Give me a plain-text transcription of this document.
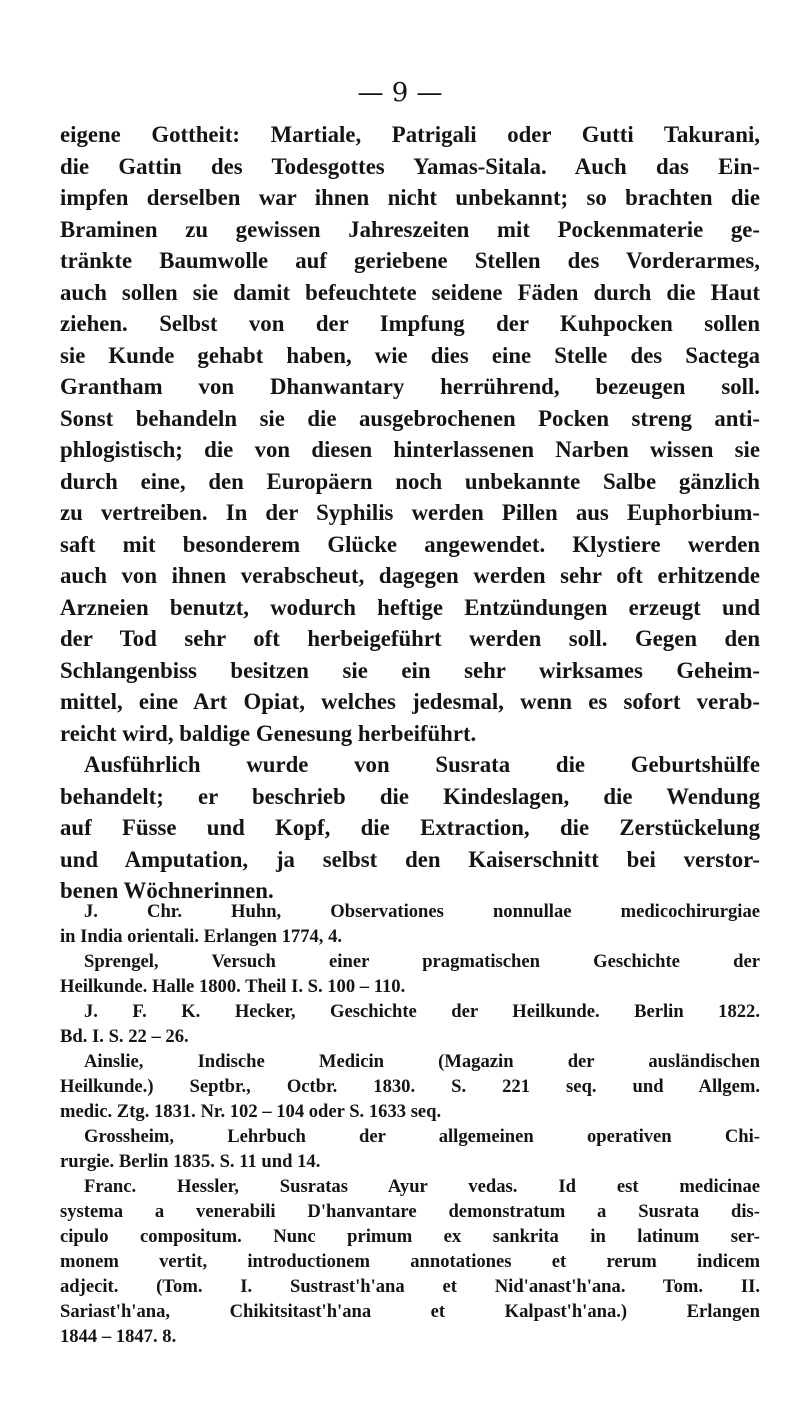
— 9 —
eigene Gottheit: Martiale, Patrigali oder Gutti Takurani,
die Gattin des Todesgottes Yamas-Sitala. Auch das Ein-
impfen derselben war ihnen nicht unbekannt; so brachten die
Braminen zu gewissen Jahreszeiten mit Pockenmaterie ge-
tränkte Baumwolle auf geriebene Stellen des Vorderarmes,
auch sollen sie damit befeuchtete seidene Fäden durch die Haut
ziehen. Selbst von der Impfung der Kuhpocken sollen
sie Kunde gehabt haben, wie dies eine Stelle des Sactega
Grantham von Dhanwantary herrührend, bezeugen soll.
Sonst behandeln sie die ausgebrochenen Pocken streng anti-
phlogistisch; die von diesen hinterlassenen Narben wissen sie
durch eine, den Europäern noch unbekannte Salbe gänzlich
zu vertreiben. In der Syphilis werden Pillen aus Euphorbium-
saft mit besonderem Glücke angewendet. Klystiere werden
auch von ihnen verabscheut, dagegen werden sehr oft erhitzende
Arzneien benutzt, wodurch heftige Entzündungen erzeugt und
der Tod sehr oft herbeigeführt werden soll. Gegen den
Schlangenbiss besitzen sie ein sehr wirksames Geheim-
mittel, eine Art Opiat, welches jedesmal, wenn es sofort verab-
reicht wird, baldige Genesung herbeiführt.
Ausführlich wurde von Susrata die Geburtshülfe
behandelt; er beschrieb die Kindeslagen, die Wendung
auf Füsse und Kopf, die Extraction, die Zerstückelung
und Amputation, ja selbst den Kaiserschnitt bei verstor-
benen Wöchnerinnen.
J. Chr. Huhn, Observationes nonnullae medicochirurgiae
in India orientali. Erlangen 1774, 4.
Sprengel, Versuch einer pragmatischen Geschichte der
Heilkunde. Halle 1800. Theil I. S. 100 – 110.
J. F. K. Hecker, Geschichte der Heilkunde. Berlin 1822.
Bd. I. S. 22 – 26.
Ainslie, Indische Medicin (Magazin der ausländischen
Heilkunde.) Septbr., Octbr. 1830. S. 221 seq. und Allgem.
medic. Ztg. 1831. Nr. 102 – 104 oder S. 1633 seq.
Grossheim, Lehrbuch der allgemeinen operativen Chi-
rurgie. Berlin 1835. S. 11 und 14.
Franc. Hessler, Susratas Ayur vedas. Id est medicinae
systema a venerabili D'hanvantare demonstratum a Susrata dis-
cipulo compositum. Nunc primum ex sankrita in latinum ser-
monem vertit, introductionem annotationes et rerum indicem
adjecit. (Tom. I. Sustrast'h'ana et Nid'anast'h'ana. Tom. II.
Sariast'h'ana, Chikitsitast'h'ana et Kalpast'h'ana.) Erlangen
1844 – 1847. 8.
